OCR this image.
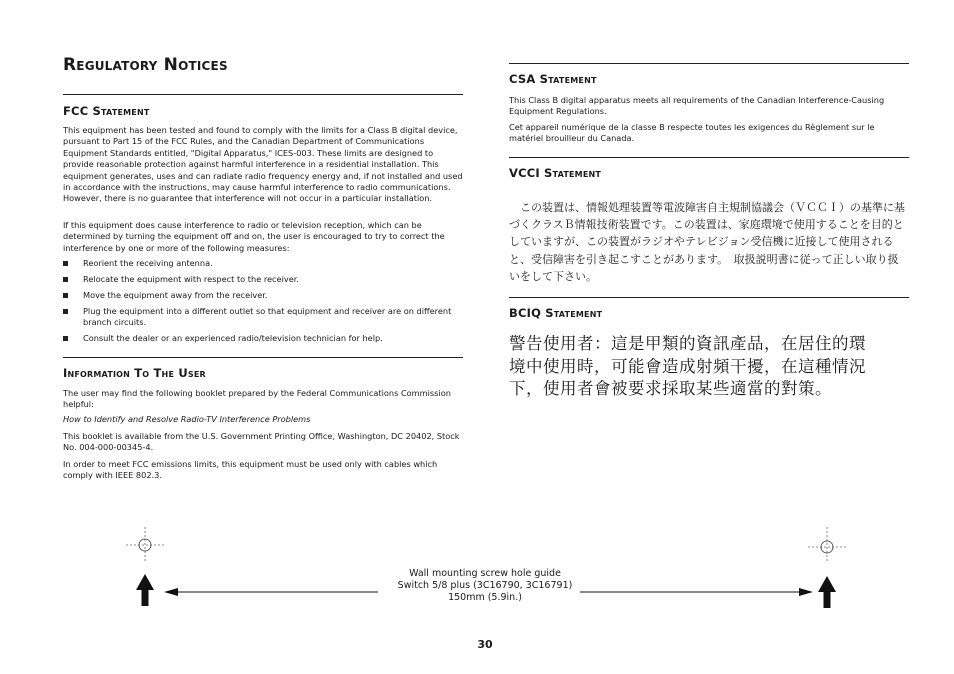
Regulatory Notices
FCC Statement

This equipment has been tested and found to comply with the limits for a Class B digital device, pursuant to Part 15 of the FCC Rules, and the Canadian Department of Communications Equipment Standards entitled, "Digital Apparatus," ICES-003. These limits are designed to provide reasonable protection against harmful interference in a residential installation. This equipment generates, uses and can radiate radio frequency energy and, if not installed and used in accordance with the instructions, may cause harmful interference to radio communications. However, there is no guarantee that interference will not occur in a particular installation.

If this equipment does cause interference to radio or television reception, which can be determined by turning the equipment off and on, the user is encouraged to try to correct the interference by one or more of the following measures:

Reorient the receiving antenna.
Relocate the equipment with respect to the receiver.
Move the equipment away from the receiver.
Plug the equipment into a different outlet so that equipment and receiver are on different branch circuits.
Consult the dealer or an experienced radio/television technician for help.
Information To The User

The user may find the following booklet prepared by the Federal Communications Commission helpful:

How to Identify and Resolve Radio-TV Interference Problems

This booklet is available from the U.S. Government Printing Office, Washington, DC 20402, Stock No. 004-000-00345-4.

In order to meet FCC emissions limits, this equipment must be used only with cables which comply with IEEE 802.3.

CSA Statement

This Class B digital apparatus meets all requirements of the Canadian Interference-Causing Equipment Regulations.

Cet appareil numérique de la classe B respecte toutes les exigences du Règlement sur le matériel brouilleur du Canada.

VCCI Statement

　この装置は、情報処理装置等電波障害自主規制協議会（ＶＣＣＩ）の基準に基づくクラスＢ情報技術装置です。この装置は、家庭環境で使用することを目的としていますが、この装置がラジオやテレビジョン受信機に近接して使用されると、受信障害を引き起こすことがあります。　取扱説明書に従って正しい取り扱いをして下さい。

BCIQ Statement

警告使用者：這是甲類的資訊產品，在居住的環境中使用時，可能會造成射頻干擾，在這種情況下，使用者會被要求採取某些適當的對策。

Wall mounting screw hole guide
Switch 5/8 plus (3C16790, 3C16791)
150mm (5.9in.)
30
